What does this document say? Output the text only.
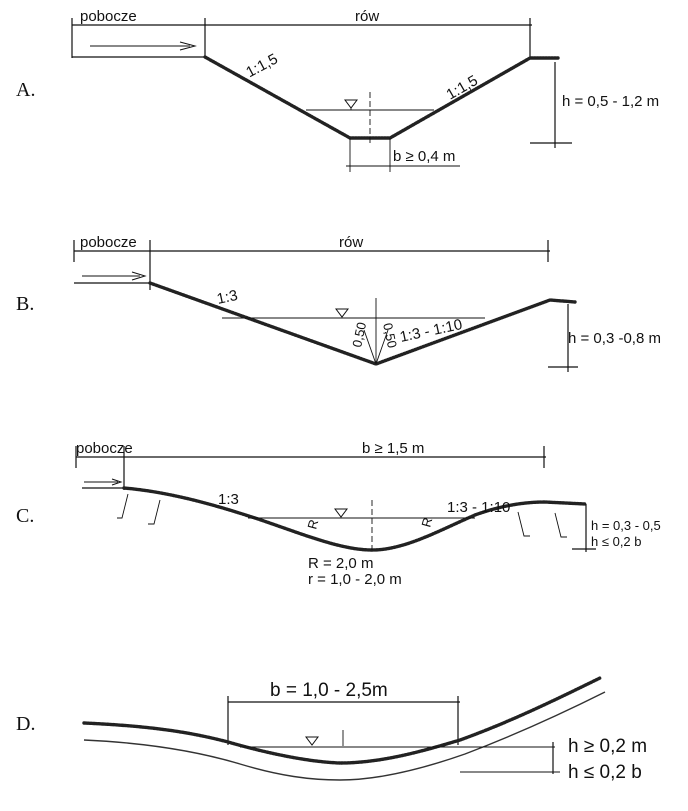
A.
pobocze	rów
b ≥ 0,4 m
1:1,5
1:1,5	h = 0,5 - 1,2 m
B.
pobocze	rów
0,50 0,50
1:3
1:3 - 1:10	h = 0,3 -0,8 m
C.
pobocze	b ≥ 1,5 m
R	R
1:3	1:3 - 1:10
R = 2,0 m
r = 1,0 - 2,0 m
h = 0,3 - 0,5
h ≤ 0,2 b
D.
b = 1,0 - 2,5m
h ≥ 0,2 m
h ≤ 0,2 b
